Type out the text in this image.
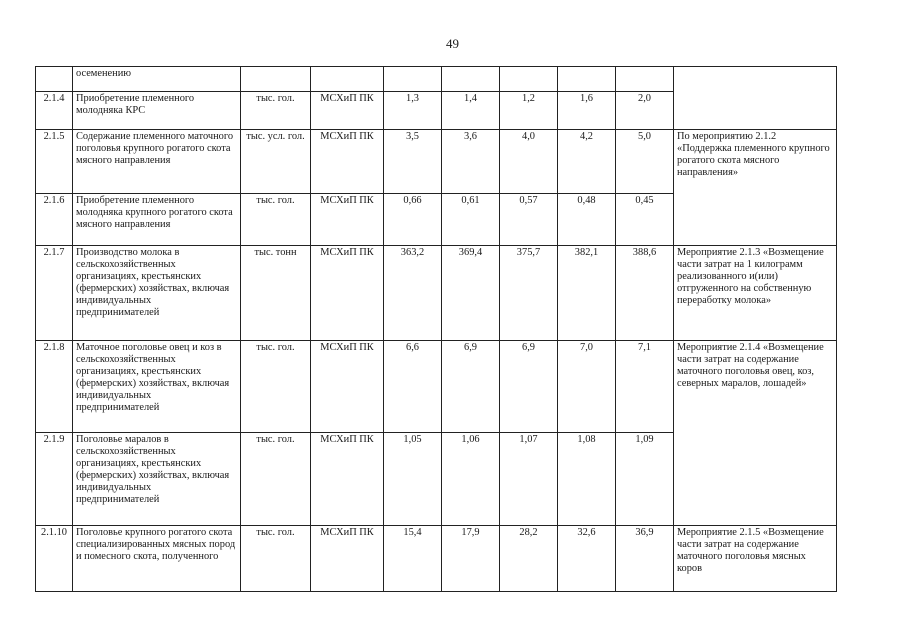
49
	осеменению								
2.1.4	Приобретение племенного молодняка КРС	тыс. гол.	МСХиП ПК	1,3	1,4	1,2	1,6	2,0	
2.1.5	Содержание племенного маточного поголовья крупного рогатого скота мясного направления	тыс. усл. гол.	МСХиП ПК	3,5	3,6	4,0	4,2	5,0	По мероприятию 2.1.2 «Поддержка племенного крупного рогатого скота мясного направления»
2.1.6	Приобретение племенного молодняка крупного рогатого скота мясного направления	тыс. гол.	МСХиП ПК	0,66	0,61	0,57	0,48	0,45	
2.1.7	Производство молока в сельскохозяйственных организациях, крестьянских (фермерских) хозяйствах, включая индивидуальных предпринимателей	тыс. тонн	МСХиП ПК	363,2	369,4	375,7	382,1	388,6	Мероприятие 2.1.3 «Возмещение части затрат на 1 килограмм реализованного и(или) отгруженного на собственную переработку молока»
2.1.8	Маточное поголовье овец и коз в сельскохозяйственных организациях, крестьянских (фермерских) хозяйствах, включая индивидуальных предпринимателей	тыс. гол.	МСХиП ПК	6,6	6,9	6,9	7,0	7,1	Мероприятие 2.1.4 «Возмещение части затрат на содержание маточного поголовья овец, коз, северных маралов, лошадей»
2.1.9	Поголовье маралов в сельскохозяйственных организациях, крестьянских (фермерских) хозяйствах, включая индивидуальных предпринимателей	тыс. гол.	МСХиП ПК	1,05	1,06	1,07	1,08	1,09	
2.1.10	Поголовье крупного рогатого скота специализированных мясных пород и помесного скота, полученного	тыс. гол.	МСХиП ПК	15,4	17,9	28,2	32,6	36,9	Мероприятие 2.1.5 «Возмещение части затрат на содержание маточного поголовья мясных коров
